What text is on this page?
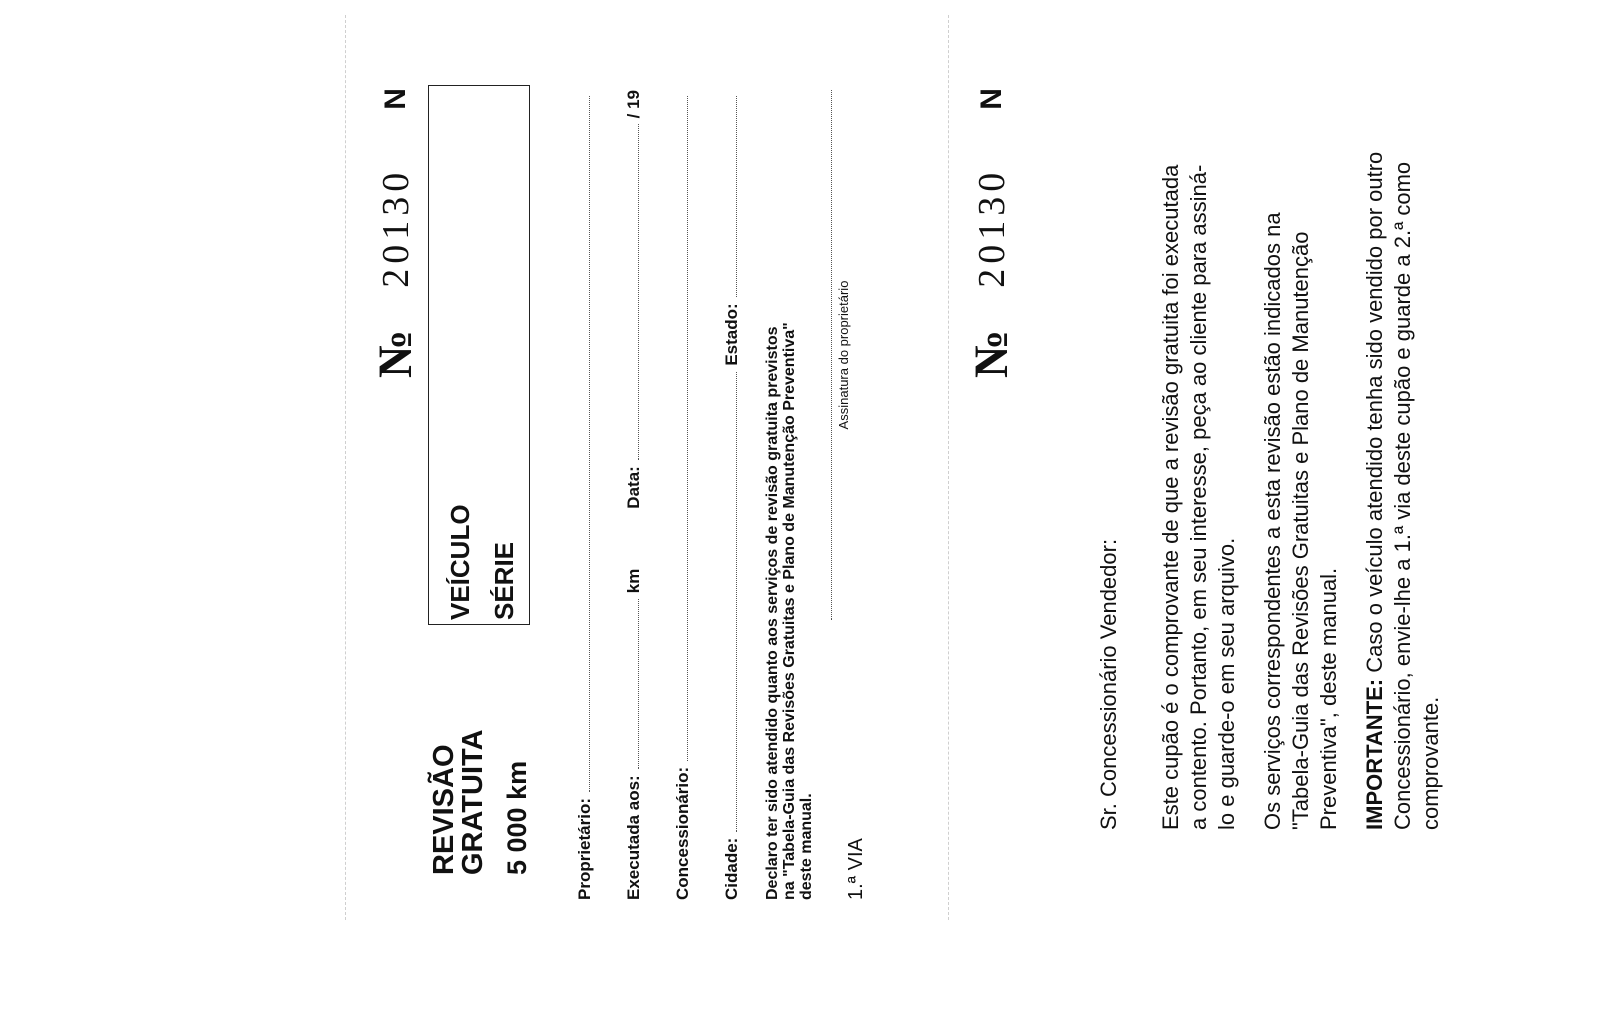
REVISÃO
GRATUITA 5 000 km
VEÍCULO SÉRIE
№
20130
N
Proprietário: Executada aos:
km
Data:
/ 19
Concessionário: Cidade:
Estado: Declaro ter sido atendido quanto aos serviços de revisão gratuita previstos na "Tabela-Guia das Revisões Gratuitas e Plano de Manutenção Preventiva" deste manual.
Assinatura do proprietário
1.ª VIA
№
20130
N
Sr. Concessionário Vendedor: Este cupão é o comprovante de que a revisão gratuita foi executada a contento. Portanto, em seu interesse, peça ao cliente para assiná-lo e guarde-o em seu arquivo. Os serviços correspondentes a esta revisão estão indicados na "Tabela-Guia das Revisões Gratuitas e Plano de Manutenção Preventiva", deste manual. IMPORTANTE: Caso o veículo atendido tenha sido vendido por outro Concessionário, envie-lhe a 1.ª via deste cupão e guarde a 2.ª como comprovante.
